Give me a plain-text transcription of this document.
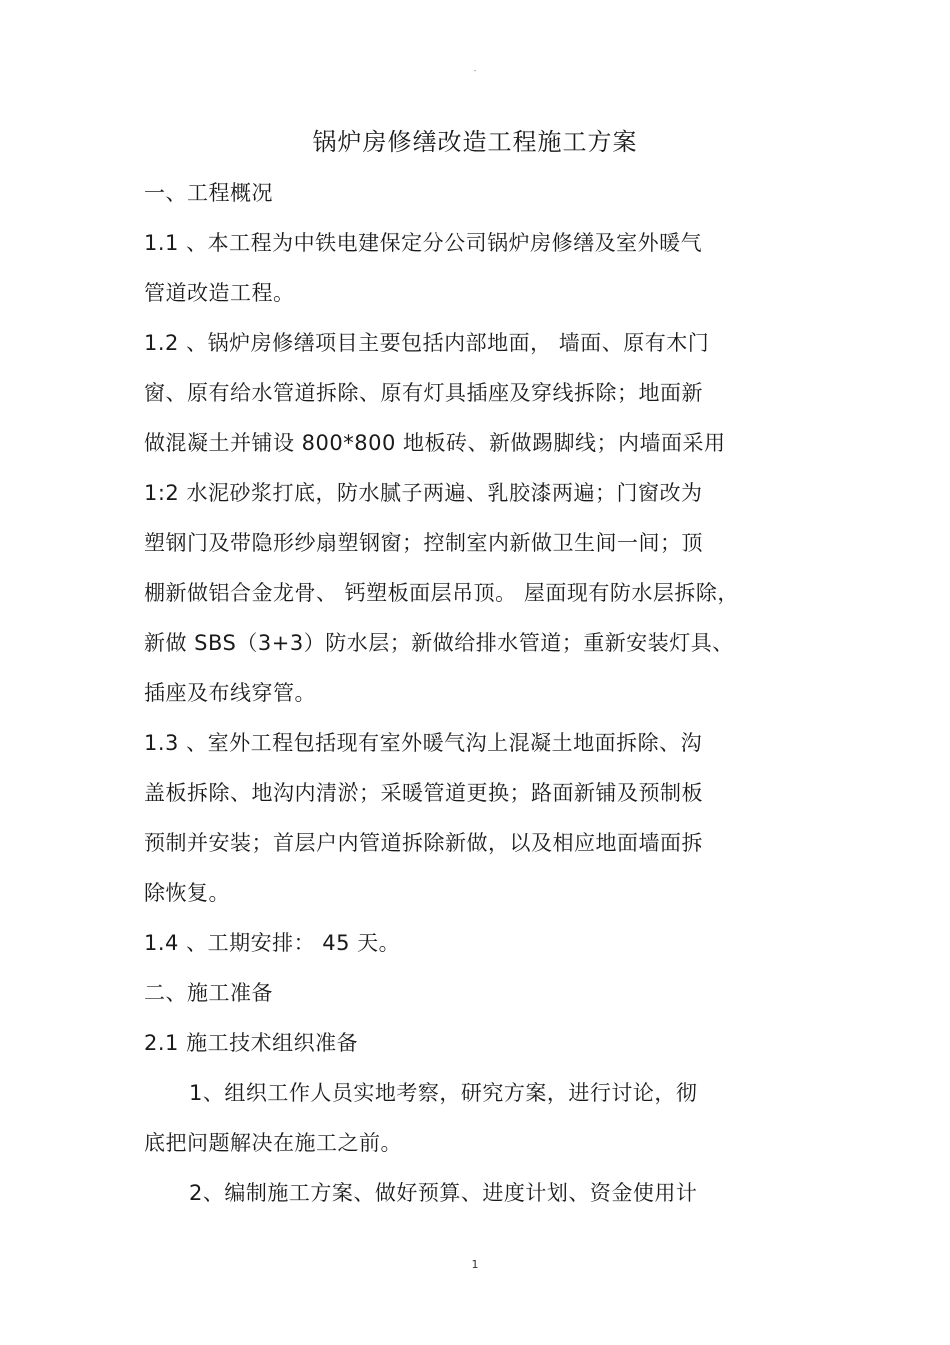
-
锅炉房修缮改造工程施工方案
一、工程概况
1.1 、本工程为中铁电建保定分公司锅炉房修缮及室外暖气
管道改造工程。
1.2 、锅炉房修缮项目主要包括内部地面， 墙面、原有木门
窗、原有给水管道拆除、原有灯具插座及穿线拆除；地面新
做混凝土并铺设 800*800 地板砖、新做踢脚线；内墙面采用
1:2 水泥砂浆打底，防水腻子两遍、乳胶漆两遍；门窗改为
塑钢门及带隐形纱扇塑钢窗；控制室内新做卫生间一间；顶
棚新做铝合金龙骨、 钙塑板面层吊顶。 屋面现有防水层拆除，
新做 SBS（3+3）防水层；新做给排水管道；重新安装灯具、
插座及布线穿管。
1.3 、室外工程包括现有室外暖气沟上混凝土地面拆除、沟
盖板拆除、地沟内清淤；采暖管道更换；路面新铺及预制板
预制并安装；首层户内管道拆除新做，以及相应地面墙面拆
除恢复。
1.4 、工期安排： 45 天。
二、施工准备
2.1 施工技术组织准备
1、组织工作人员实地考察，研究方案，进行讨论，彻
底把问题解决在施工之前。
2、编制施工方案、做好预算、进度计划、资金使用计
1
